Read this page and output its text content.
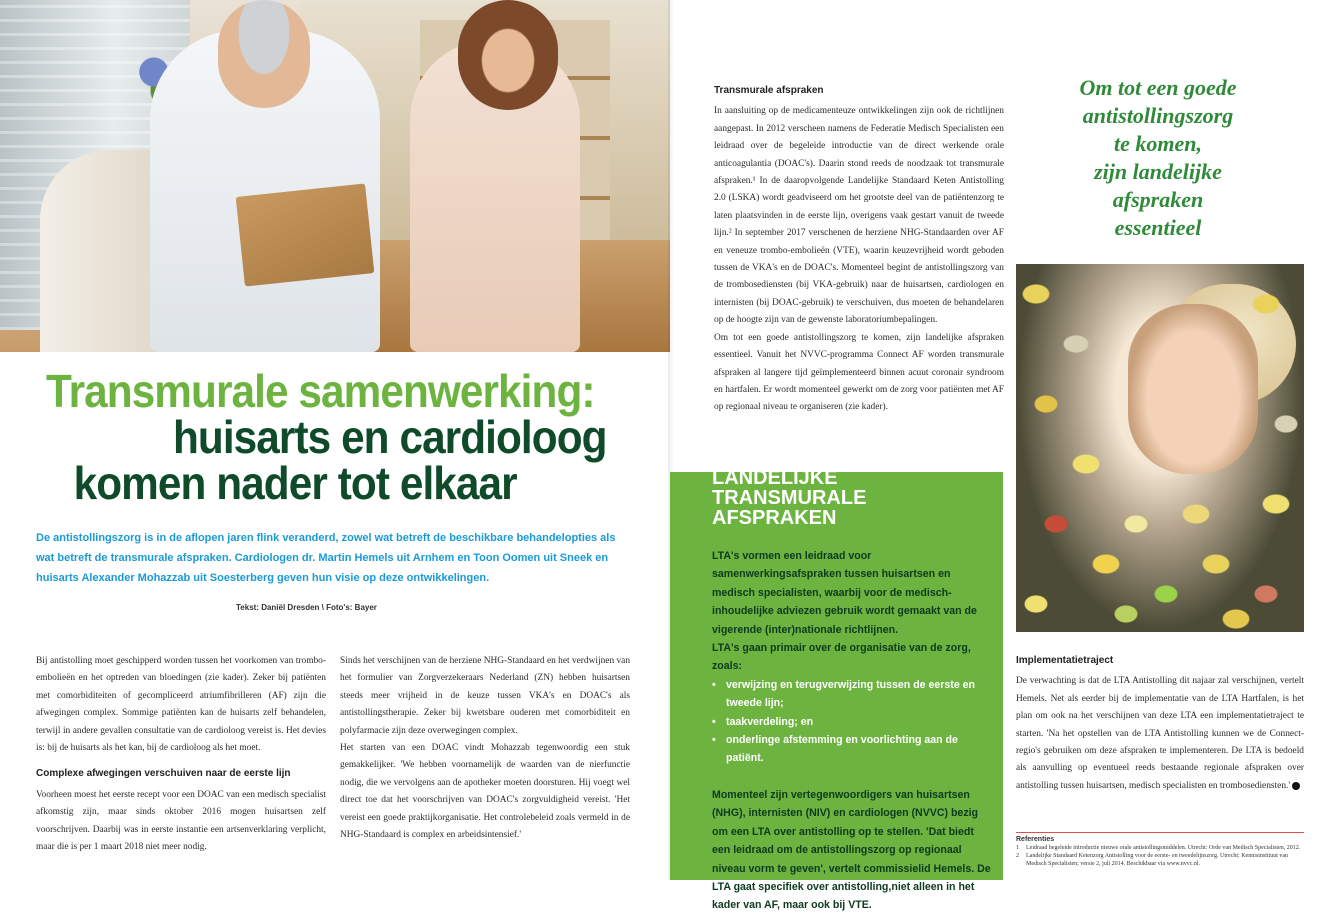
Transmurale samenwerking:
huisarts en cardioloog
komen nader tot elkaar

De antistollingszorg is in de aflopen jaren flink veranderd, zowel wat betreft de beschikbare behandelopties als wat betreft de transmurale afspraken. Cardiologen dr. Martin Hemels uit Arnhem en Toon Oomen uit Sneek en huisarts Alexander Mohazzab uit Soesterberg geven hun visie op deze ontwikkelingen.

Tekst: Daniël Dresden \ Foto's: Bayer

Bij antistolling moet geschipperd worden tussen het voorkomen van trombo-embolieën en het optreden van bloedingen (zie kader). Zeker bij patiënten met comorbiditeiten of gecompliceerd atriumfibrilleren (AF) zijn die afwegingen complex. Sommige patiënten kan de huisarts zelf behandelen, terwijl in andere gevallen consultatie van de cardioloog vereist is. Het devies is: bij de huisarts als het kan, bij de cardioloog als het moet.

Complexe afwegingen verschuiven naar de eerste lijn

Voorheen moest het eerste recept voor een DOAC van een medisch specialist afkomstig zijn, maar sinds oktober 2016 mogen huisartsen zelf voorschrijven. Daarbij was in eerste instantie een artsenverklaring verplicht, maar die is per 1 maart 2018 niet meer nodig.

Sinds het verschijnen van de herziene NHG-Standaard en het verdwijnen van het formulier van Zorgverzekeraars Nederland (ZN) hebben huisartsen steeds meer vrijheid in de keuze tussen VKA's en DOAC's als antistollingstherapie. Zeker bij kwetsbare ouderen met comorbiditeit en polyfarmacie zijn deze overwegingen complex.

Het starten van een DOAC vindt Mohazzab tegenwoordig een stuk gemakkelijker. 'We hebben voornamelijk de waarden van de nierfunctie nodig, die we vervolgens aan de apotheker moeten doorsturen. Hij voegt wel direct toe dat het voorschrijven van DOAC's zorgvuldigheid vereist. 'Het vereist een goede praktijkorganisatie. Het controlebeleid zoals vermeld in de NHG-Standaard is complex en arbeidsintensief.'

Transmurale afspraken

In aansluiting op de medicamenteuze ontwikkelingen zijn ook de richtlijnen aangepast. In 2012 verscheen namens de Federatie Medisch Specialisten een leidraad over de begeleide introductie van de direct werkende orale anticoagulantia (DOAC's). Daarin stond reeds de noodzaak tot transmurale afspraken.¹ In de daaropvolgende Landelijke Standaard Keten Antistolling 2.0 (LSKA) wordt geadviseerd om het grootste deel van de patiëntenzorg te laten plaatsvinden in de eerste lijn, overigens vaak gestart vanuit de tweede lijn.² In september 2017 verschenen de herziene NHG-Standaarden over AF en veneuze trombo-embolieën (VTE), waarin keuzevrijheid wordt geboden tussen de VKA's en de DOAC's. Momenteel begint de antistollingszorg van de trombosediensten (bij VKA-gebruik) naar de huisartsen, cardiologen en internisten (bij DOAC-gebruik) te verschuiven, dus moeten de behandelaren op de hoogte zijn van de gewenste laboratoriumbepalingen.

Om tot een goede antistollingszorg te komen, zijn landelijke afspraken essentieel. Vanuit het NVVC-programma Connect AF worden transmurale afspraken al langere tijd geïmplementeerd binnen acuut coronair syndroom en hartfalen. Er wordt momenteel gewerkt om de zorg voor patiënten met AF op regionaal niveau te organiseren (zie kader).

Om tot een goede
antistollingszorg
te komen,
zijn landelijke
afspraken
essentieel
LANDELIJKE
TRANSMURALE
AFSPRAKEN

LTA's vormen een leidraad voor samenwerkingsafspraken tussen huisartsen en medisch specialisten, waarbij voor de medisch-inhoudelijke adviezen gebruik wordt gemaakt van de vigerende (inter)nationale richtlijnen.

LTA's gaan primair over de organisatie van de zorg, zoals:

• verwijzing en terugverwijzing tussen de eerste en tweede lijn;
• taakverdeling; en
• onderlinge afstemming en voorlichting aan de patiënt.

Momenteel zijn vertegenwoordigers van huisartsen (NHG), internisten (NIV) en cardiologen (NVVC) bezig om een LTA over antistolling op te stellen. 'Dat biedt een leidraad om de antistollingszorg op regionaal niveau vorm te geven', vertelt commissielid Hemels. De LTA gaat specifiek over antistolling,niet alleen in het kader van AF, maar ook bij VTE.

Implementatietraject

De verwachting is dat de LTA Antistolling dit najaar zal verschijnen, vertelt Hemels. Net als eerder bij de implementatie van de LTA Hartfalen, is het plan om ook na het verschijnen van deze LTA een implementatietraject te starten. 'Na het opstellen van de LTA Antistolling kunnen we de Connect-regio's gebruiken om deze afspraken te implementeren. De LTA is bedoeld als aanvulling op eventueel reeds bestaande regionale afspraken over antistolling tussen huisartsen, medisch specialisten en trombosediensten.'

Referenties
1	Leidraad begeleide introductie nieuwe orale antistollingsmiddelen. Utrecht: Orde van Medisch Specialisten, 2012.
2	Landelijke Standaard Ketenzorg Antistolling voor de eerste- en tweedelijnszorg. Utrecht: Kennisinstituut van Medisch Specialisten; versie 2, juli 2014. Beschikbaar via www.nvvc.nl.
